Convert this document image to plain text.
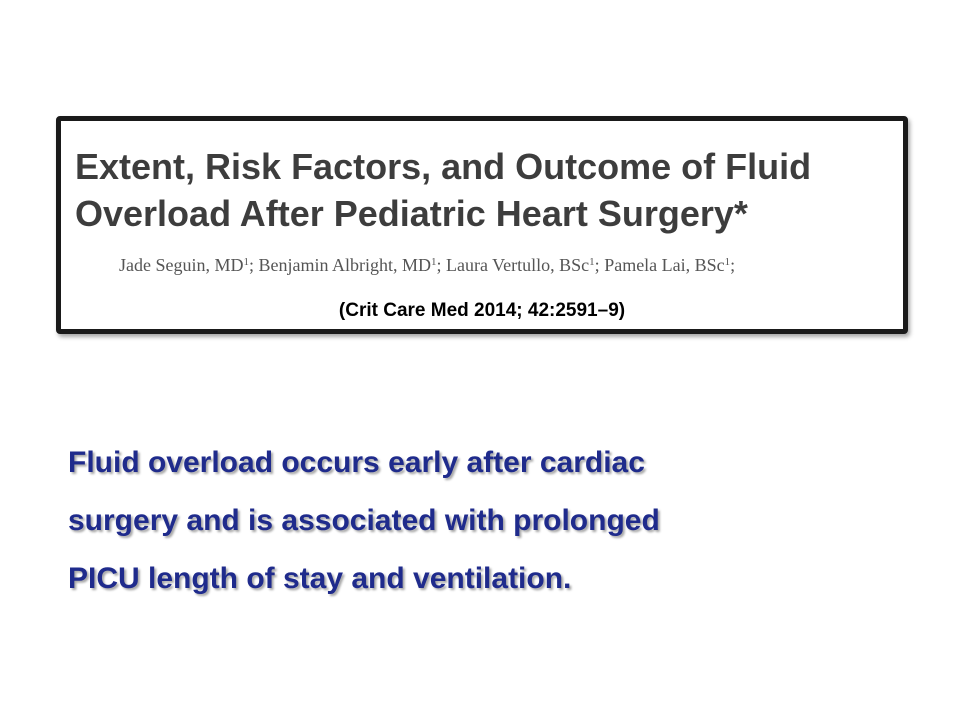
Extent, Risk Factors, and Outcome of Fluid
Overload After Pediatric Heart Surgery*
Jade Seguin, $MD^1$; Benjamin Albright, $MD^1$; Laura Vertullo, BSc$^1$; Pamela Lai, BSc$^1$;
(Crit Care Med 2014; 42:2591–9)

Fluid overload occurs early after cardiac
surgery and is associated with prolonged
PICU length of stay and ventilation.
